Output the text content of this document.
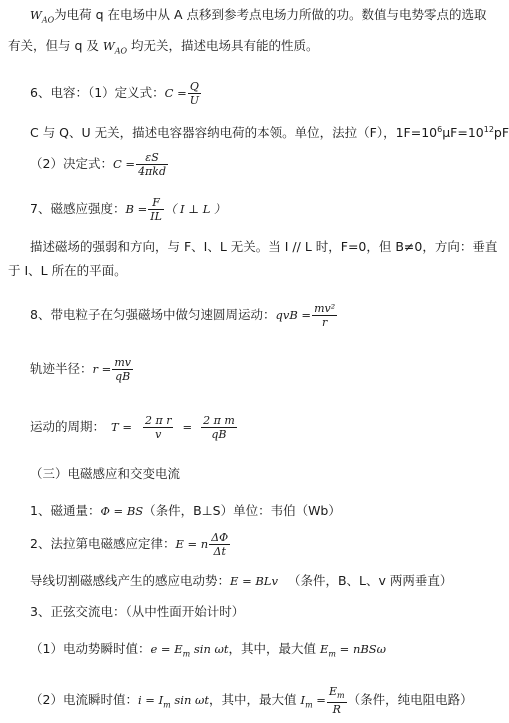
$W_{AO}$为电荷 q 在电场中从 A 点移到参考点电场力所做的功。数值与电势零点的选取
有关，但与 q 及 $W_{AO}$ 均无关，描述电场具有能的性质。
6、电容：（1）定义式：$C = \frac{Q}{U}$
C 与 Q、U 无关，描述电容器容纳电荷的本领。单位，法拉（F），$1F=10^6\mu F=10^{12}pF$
（2）决定式：$C = \frac{\varepsilon S}{\text{4πkd}}$
7、磁感应强度：$B = \frac{F}{IL}$ （ I ⊥ L ）
描述磁场的强弱和方向，与 F、I、L 无关。当 I // L 时，F=0，但 B≠0，方向：垂直
于 I、L 所在的平面。
8、带电粒子在匀强磁场中做匀速圆周运动：qvB = $\frac{\text{mv²}}{r}$
轨迹半径：$r = \frac{mv}{qB}$
运动的周期： $T = \frac{\text{2 π r}}{v} = \frac{\text{2 π m}}{qB}$
（三）电磁感应和交变电流
1、磁通量：Φ = BS（条件，B⊥S）单位：韦伯（Wb）
2、法拉第电磁感应定律：E = n $\frac{\Delta\Phi}{\Delta t}$
导线切割磁感线产生的感应电动势：E = BLv （条件，B、L、v 两两垂直）
3、正弦交流电：（从中性面开始计时）
（1）电动势瞬时值：$e = E_m$ sin ωt，其中，最大值 $E_m = nBS\omega$
（2）电流瞬时值：$i = I_m$ sin ωt，其中，最大值 $I_m = \frac{E_m}{R}$ （条件，纯电阻电路）
